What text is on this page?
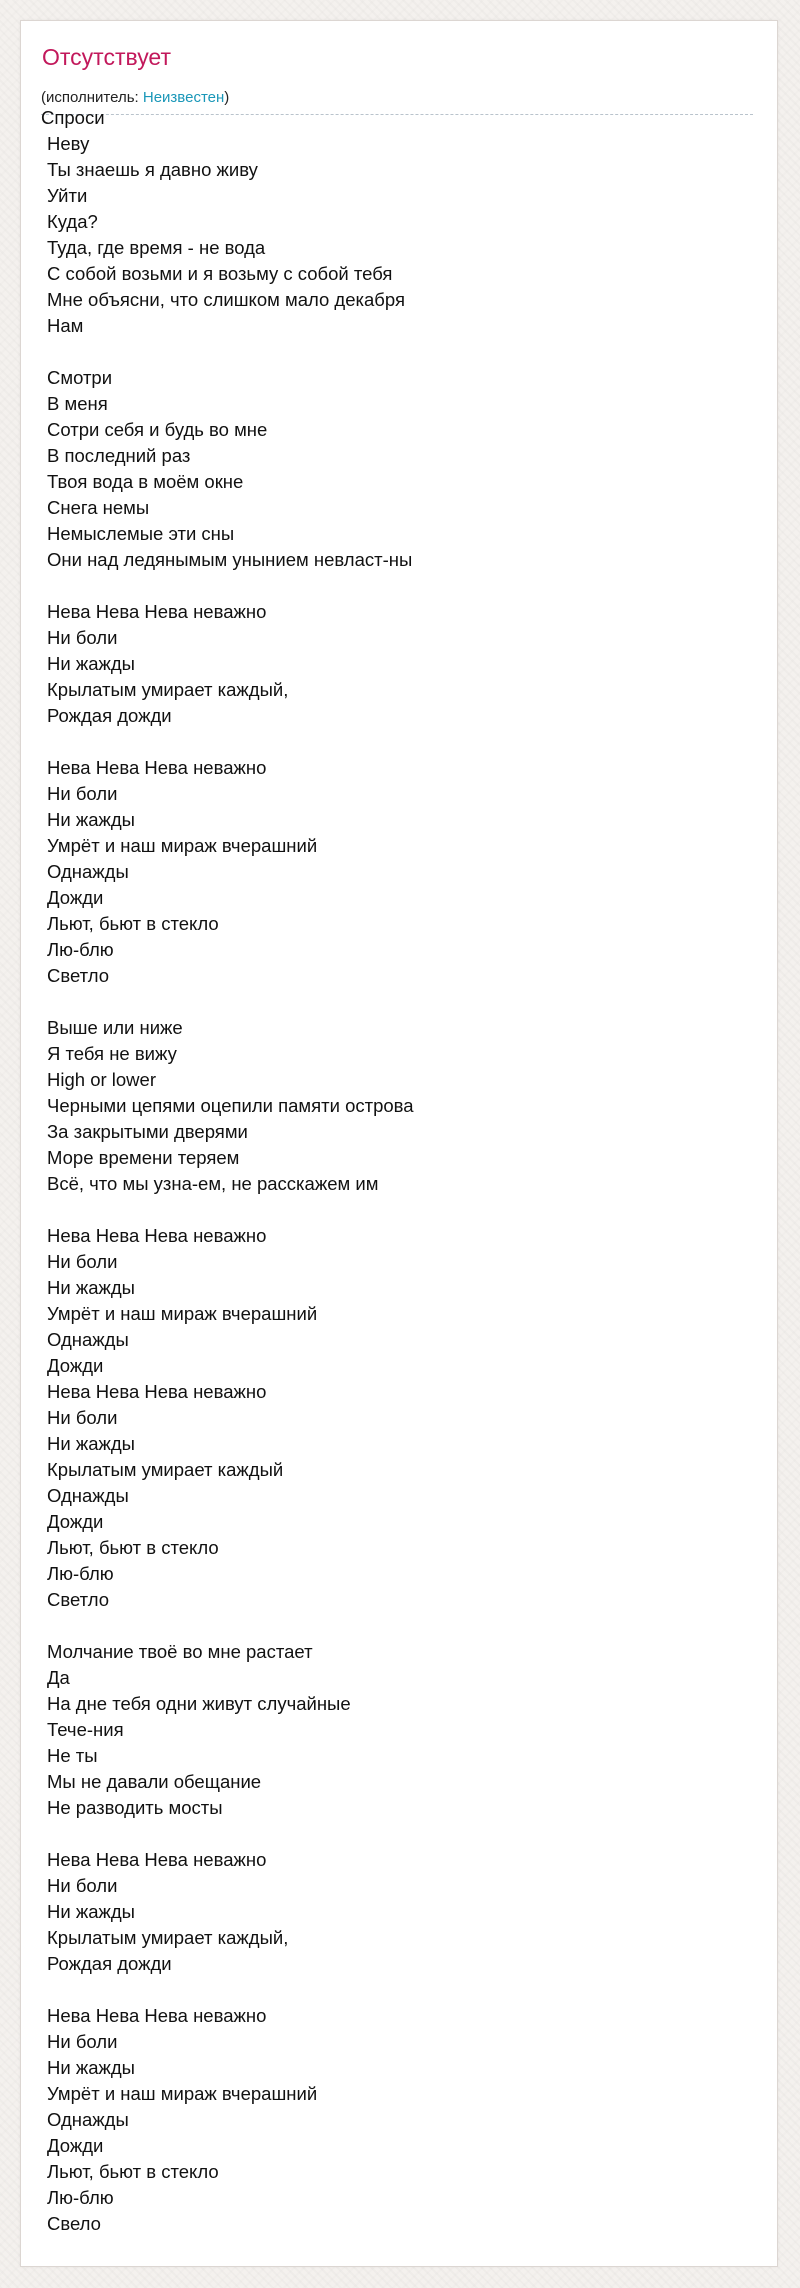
Отсутствует
(исполнитель: Неизвестен)
Спроси
Неву
Ты знаешь я давно живу
Уйти
Куда?
Туда, где время - не вода
С собой возьми и я возьму с собой тебя
Мне объясни, что слишком мало декабря
Нам
Смотри
В меня
Сотри себя и будь во мне
В последний раз
Твоя вода в моём окне
Снега немы
Немыслемые эти сны
Они над ледянымым унынием невласт-ны
Нева Нева Нева неважно
Ни боли
Ни жажды
Крылатым умирает каждый,
Рождая дожди
Нева Нева Нева неважно
Ни боли
Ни жажды
Умрёт и наш мираж вчерашний
Однажды
Дожди
Льют, бьют в стекло
Лю-блю
Светло
Выше или ниже
Я тебя не вижу
High or lower
Черными цепями оцепили памяти острова
За закрытыми дверями
Море времени теряем
Всё, что мы узна-ем, не расскажем им
Нева Нева Нева неважно
Ни боли
Ни жажды
Умрёт и наш мираж вчерашний
Однажды
Дожди
Нева Нева Нева неважно
Ни боли
Ни жажды
Крылатым умирает каждый
Однажды
Дожди
Льют, бьют в стекло
Лю-блю
Светло
Молчание твоё во мне растает
Да
На дне тебя одни живут случайные
Тече-ния
Не ты
Мы не давали обещание
Не разводить мосты
Нева Нева Нева неважно
Ни боли
Ни жажды
Крылатым умирает каждый,
Рождая дожди
Нева Нева Нева неважно
Ни боли
Ни жажды
Умрёт и наш мираж вчерашний
Однажды
Дожди
Льют, бьют в стекло
Лю-блю
Свело
